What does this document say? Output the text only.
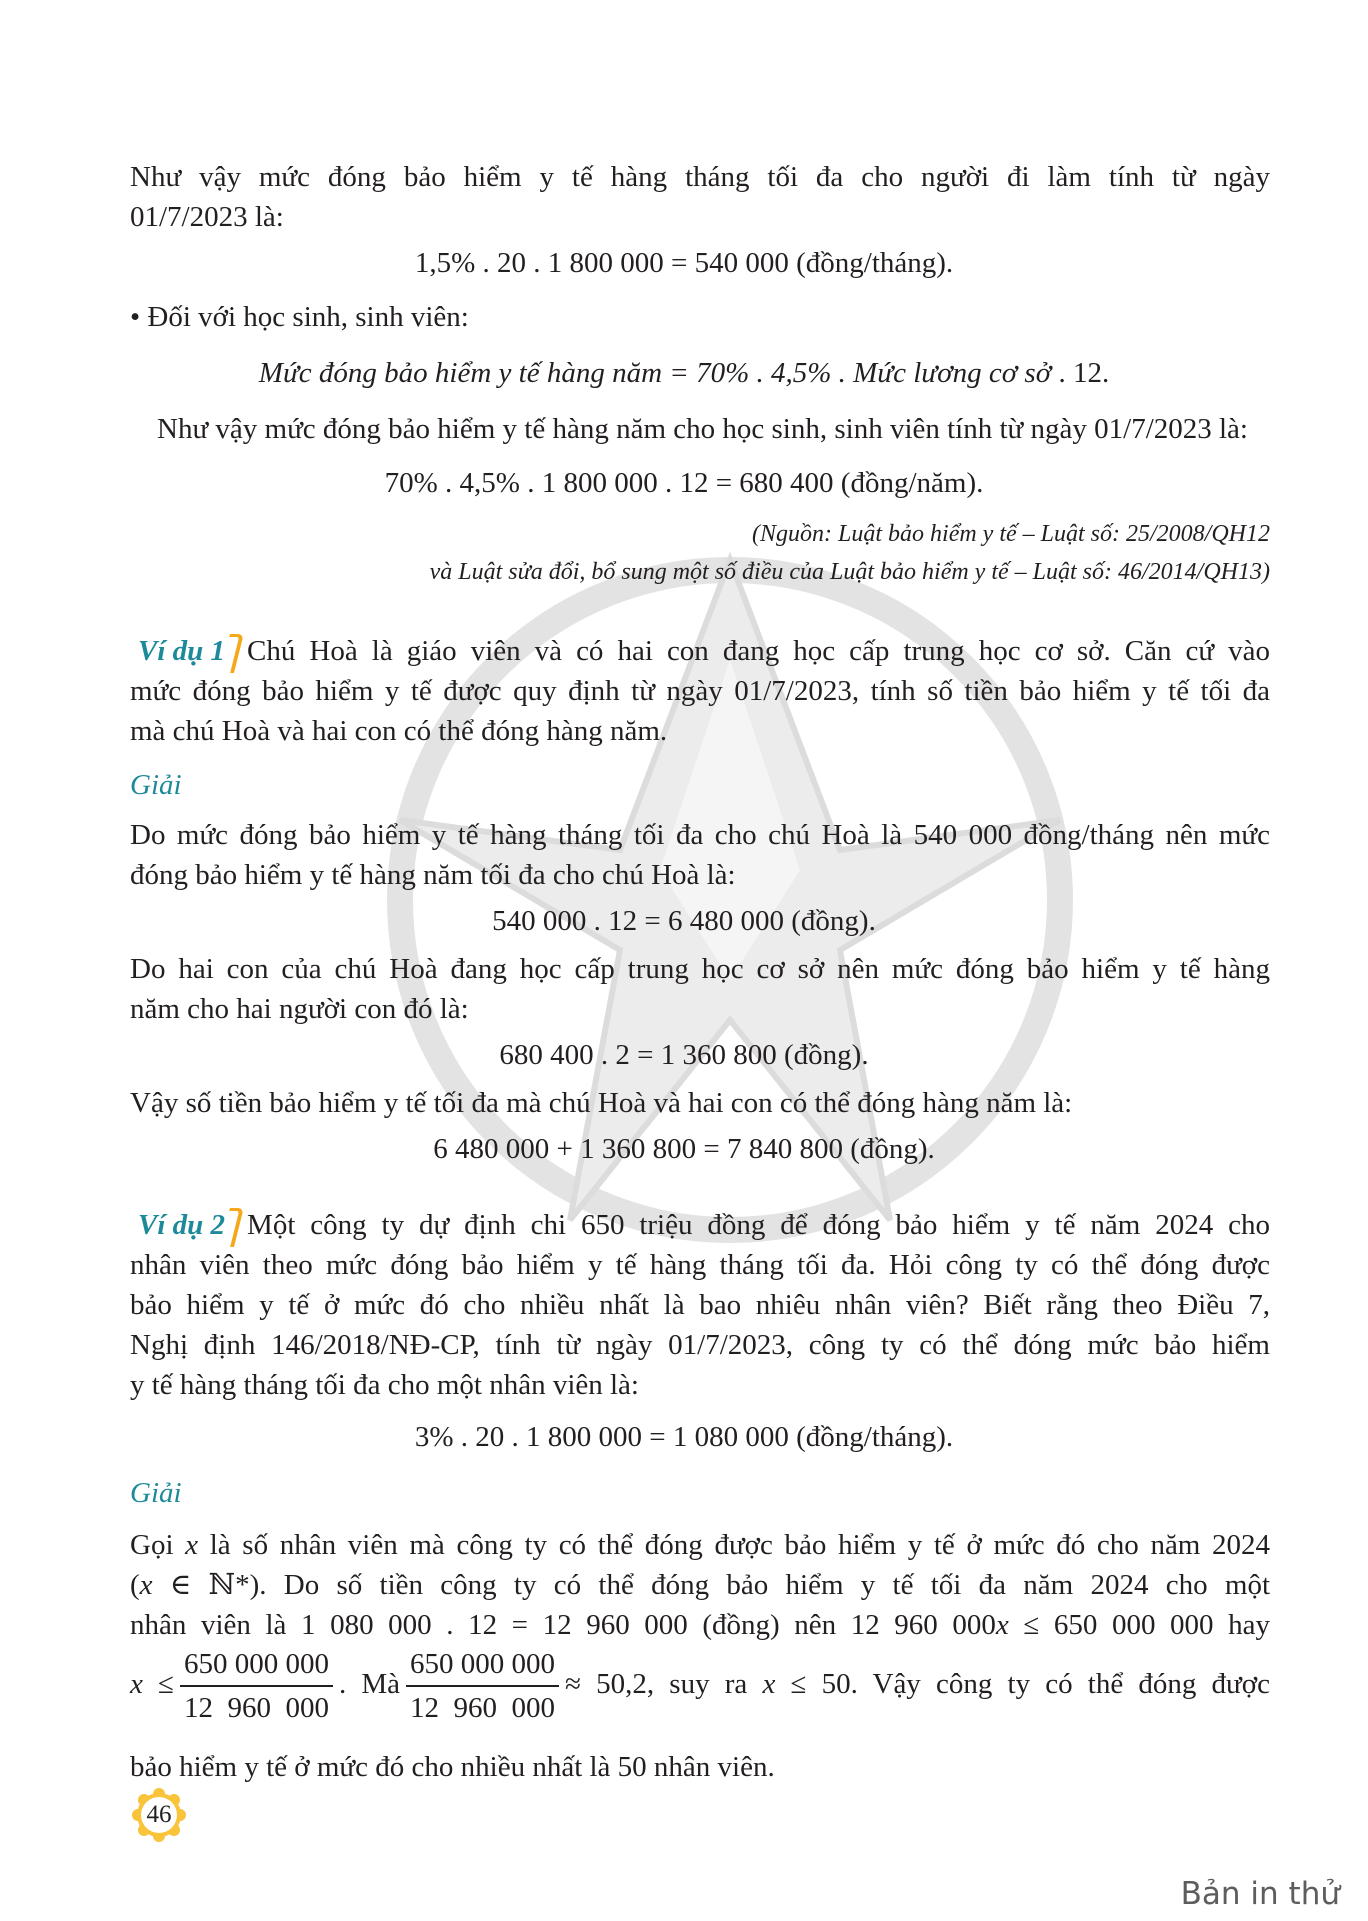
Như vậy mức đóng bảo hiểm y tế hàng tháng tối đa cho người đi làm tính từ ngày
01/7/2023 là:
1,5% . 20 . 1 800 000 = 540 000 (đồng/tháng).
• Đối với học sinh, sinh viên:
Mức đóng bảo hiểm y tế hàng năm = 70% . 4,5% . Mức lương cơ sở . 12.
Như vậy mức đóng bảo hiểm y tế hàng năm cho học sinh, sinh viên tính từ ngày 01/7/2023 là:
70% . 4,5% . 1 800 000 . 12 = 680 400 (đồng/năm).
(Nguồn: Luật bảo hiểm y tế – Luật số: 25/2008/QH12
và Luật sửa đổi, bổ sung một số điều của Luật bảo hiểm y tế – Luật số: 46/2014/QH13)
Ví dụ 1 Chú Hoà là giáo viên và có hai con đang học cấp trung học cơ sở. Căn cứ vào
mức đóng bảo hiểm y tế được quy định từ ngày 01/7/2023, tính số tiền bảo hiểm y tế tối đa
mà chú Hoà và hai con có thể đóng hàng năm.
Giải
Do mức đóng bảo hiểm y tế hàng tháng tối đa cho chú Hoà là 540 000 đồng/tháng nên mức
đóng bảo hiểm y tế hàng năm tối đa cho chú Hoà là:
540 000 . 12 = 6 480 000 (đồng).
Do hai con của chú Hoà đang học cấp trung học cơ sở nên mức đóng bảo hiểm y tế hàng
năm cho hai người con đó là:
680 400 . 2 = 1 360 800 (đồng).
Vậy số tiền bảo hiểm y tế tối đa mà chú Hoà và hai con có thể đóng hàng năm là:
6 480 000 + 1 360 800 = 7 840 800 (đồng).
Ví dụ 2 Một công ty dự định chi 650 triệu đồng để đóng bảo hiểm y tế năm 2024 cho
nhân viên theo mức đóng bảo hiểm y tế hàng tháng tối đa. Hỏi công ty có thể đóng được
bảo hiểm y tế ở mức đó cho nhiều nhất là bao nhiêu nhân viên? Biết rằng theo Điều 7,
Nghị định 146/2018/NĐ-CP, tính từ ngày 01/7/2023, công ty có thể đóng mức bảo hiểm
y tế hàng tháng tối đa cho một nhân viên là:
3% . 20 . 1 800 000 = 1 080 000 (đồng/tháng).
Giải
Gọi x là số nhân viên mà công ty có thể đóng được bảo hiểm y tế ở mức đó cho năm 2024
(x ∈ ℕ*). Do số tiền công ty có thể đóng bảo hiểm y tế tối đa năm 2024 cho một
nhân viên là 1 080 000 . 12 = 12 960 000 (đồng) nên 12 960 000x ≤ 650 000 000 hay
$x \le \frac{650 000 000}{12 960 000}$ . Mà $\frac{650 000 000}{12 960 000} \approx 50,2$, suy ra x ≤ 50. Vậy công ty có thể đóng được
bảo hiểm y tế ở mức đó cho nhiều nhất là 50 nhân viên.
46
Bản in thử
